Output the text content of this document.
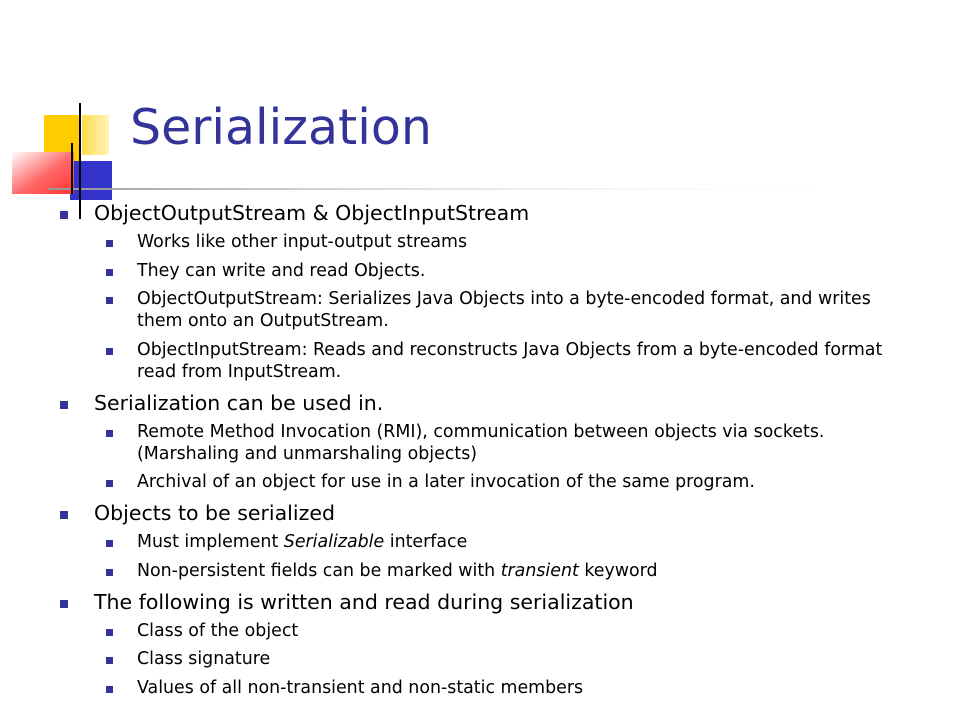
Serialization
ObjectOutputStream & ObjectInputStream
Works like other input-output streams
They can write and read Objects.
ObjectOutputStream: Serializes Java Objects into a byte-encoded format, and writes them onto an OutputStream.
ObjectInputStream: Reads and reconstructs Java Objects from a byte-encoded format read from InputStream.
Serialization can be used in.
Remote Method Invocation (RMI), communication between objects via sockets. (Marshaling and unmarshaling objects)
Archival of an object for use in a later invocation of the same program.
Objects to be serialized
Must implement Serializable interface
Non-persistent fields can be marked with transient keyword
The following is written and read during serialization
Class of the object
Class signature
Values of all non-transient and non-static members
